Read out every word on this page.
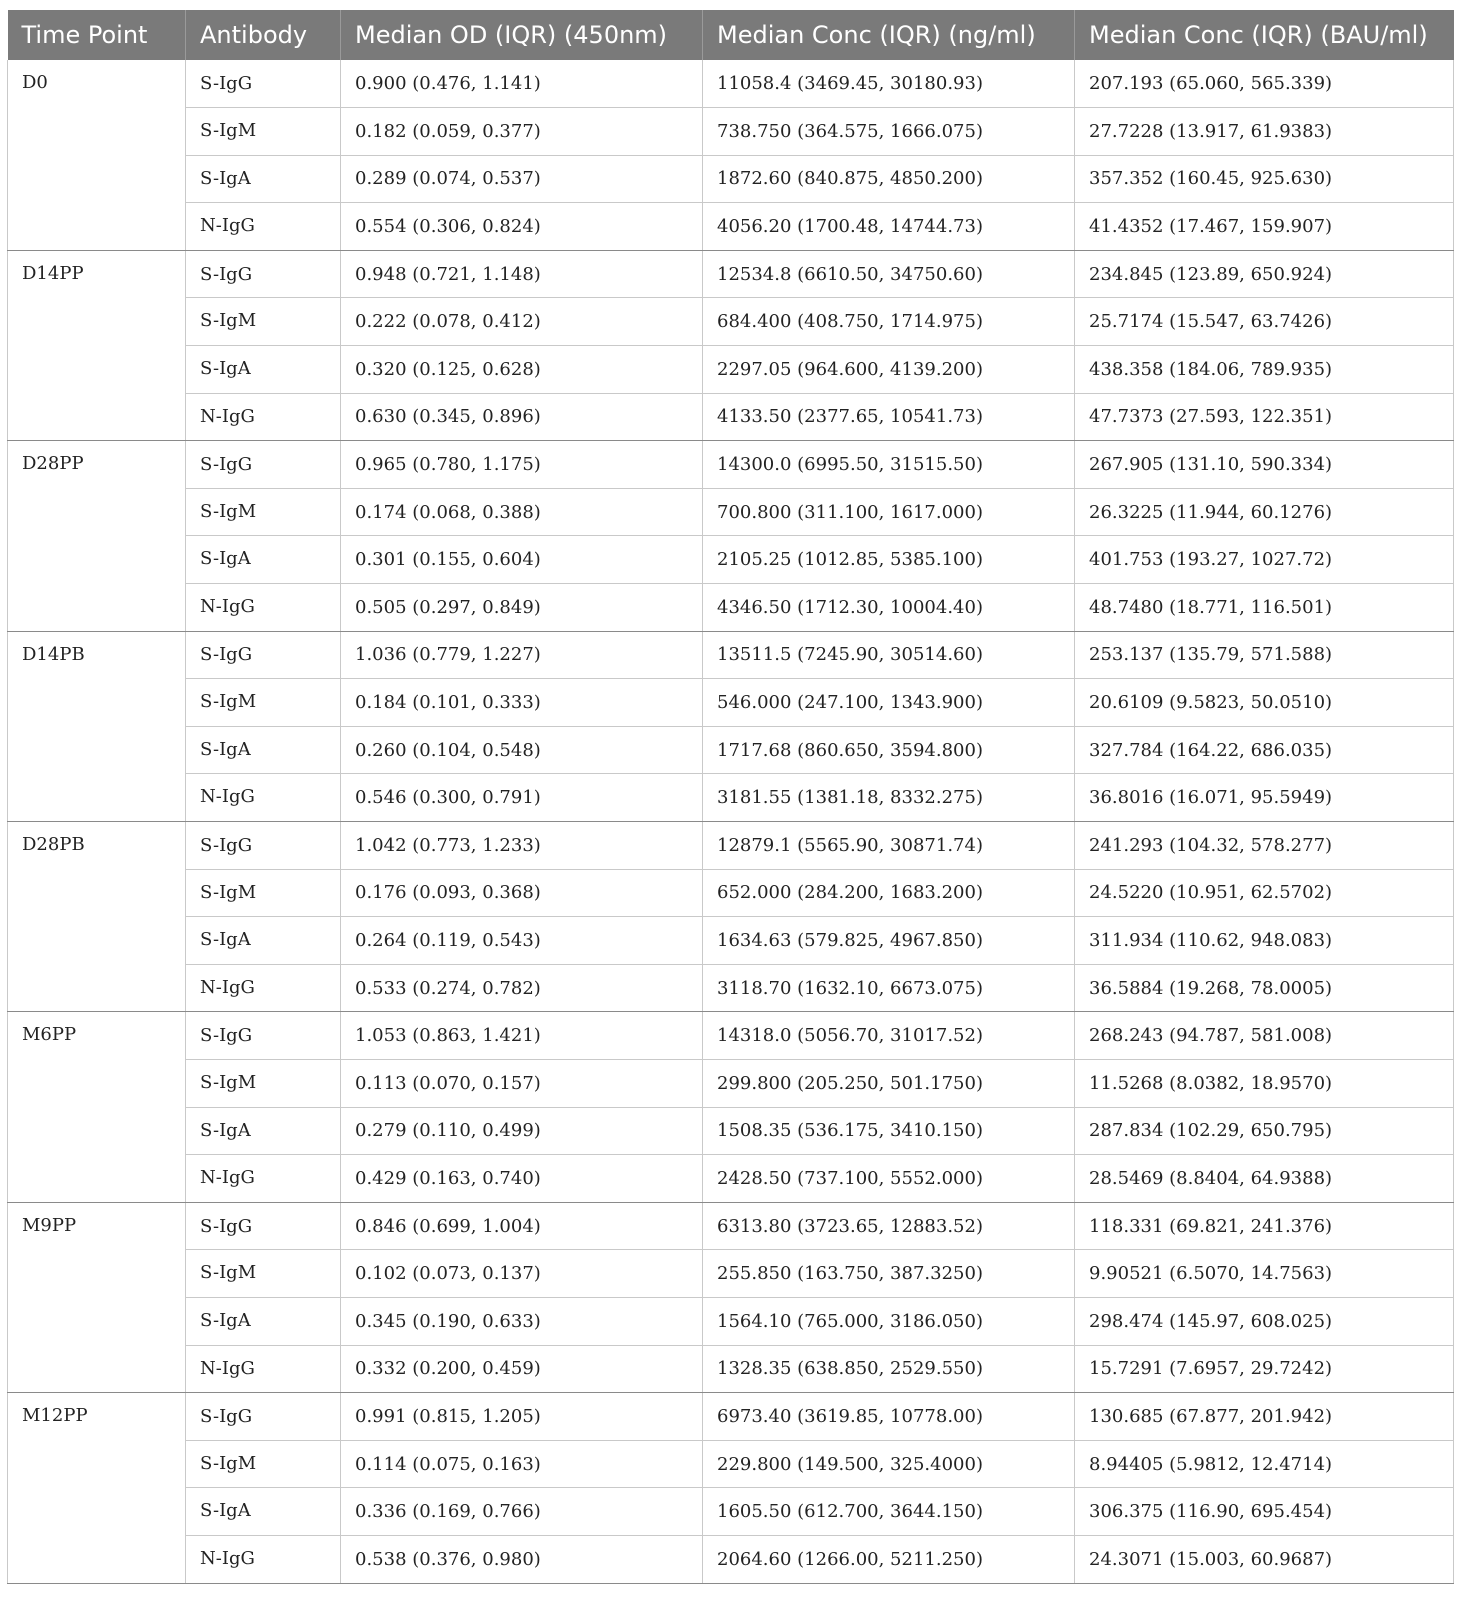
Time Point	Antibody	Median OD (IQR) (450nm)	Median Conc (IQR) (ng/ml)	Median Conc (IQR) (BAU/ml)
D0	S-IgG	0.900 (0.476, 1.141)	11058.4 (3469.45, 30180.93)	207.193 (65.060, 565.339)
	S-IgM	0.182 (0.059, 0.377)	738.750 (364.575, 1666.075)	27.7228 (13.917, 61.9383)
	S-IgA	0.289 (0.074, 0.537)	1872.60 (840.875, 4850.200)	357.352 (160.45, 925.630)
	N-IgG	0.554 (0.306, 0.824)	4056.20 (1700.48, 14744.73)	41.4352 (17.467, 159.907)
D14PP	S-IgG	0.948 (0.721, 1.148)	12534.8 (6610.50, 34750.60)	234.845 (123.89, 650.924)
	S-IgM	0.222 (0.078, 0.412)	684.400 (408.750, 1714.975)	25.7174 (15.547, 63.7426)
	S-IgA	0.320 (0.125, 0.628)	2297.05 (964.600, 4139.200)	438.358 (184.06, 789.935)
	N-IgG	0.630 (0.345, 0.896)	4133.50 (2377.65, 10541.73)	47.7373 (27.593, 122.351)
D28PP	S-IgG	0.965 (0.780, 1.175)	14300.0 (6995.50, 31515.50)	267.905 (131.10, 590.334)
	S-IgM	0.174 (0.068, 0.388)	700.800 (311.100, 1617.000)	26.3225 (11.944, 60.1276)
	S-IgA	0.301 (0.155, 0.604)	2105.25 (1012.85, 5385.100)	401.753 (193.27, 1027.72)
	N-IgG	0.505 (0.297, 0.849)	4346.50 (1712.30, 10004.40)	48.7480 (18.771, 116.501)
D14PB	S-IgG	1.036 (0.779, 1.227)	13511.5 (7245.90, 30514.60)	253.137 (135.79, 571.588)
	S-IgM	0.184 (0.101, 0.333)	546.000 (247.100, 1343.900)	20.6109 (9.5823, 50.0510)
	S-IgA	0.260 (0.104, 0.548)	1717.68 (860.650, 3594.800)	327.784 (164.22, 686.035)
	N-IgG	0.546 (0.300, 0.791)	3181.55 (1381.18, 8332.275)	36.8016 (16.071, 95.5949)
D28PB	S-IgG	1.042 (0.773, 1.233)	12879.1 (5565.90, 30871.74)	241.293 (104.32, 578.277)
	S-IgM	0.176 (0.093, 0.368)	652.000 (284.200, 1683.200)	24.5220 (10.951, 62.5702)
	S-IgA	0.264 (0.119, 0.543)	1634.63 (579.825, 4967.850)	311.934 (110.62, 948.083)
	N-IgG	0.533 (0.274, 0.782)	3118.70 (1632.10, 6673.075)	36.5884 (19.268, 78.0005)
M6PP	S-IgG	1.053 (0.863, 1.421)	14318.0 (5056.70, 31017.52)	268.243 (94.787, 581.008)
	S-IgM	0.113 (0.070, 0.157)	299.800 (205.250, 501.1750)	11.5268 (8.0382, 18.9570)
	S-IgA	0.279 (0.110, 0.499)	1508.35 (536.175, 3410.150)	287.834 (102.29, 650.795)
	N-IgG	0.429 (0.163, 0.740)	2428.50 (737.100, 5552.000)	28.5469 (8.8404, 64.9388)
M9PP	S-IgG	0.846 (0.699, 1.004)	6313.80 (3723.65, 12883.52)	118.331 (69.821, 241.376)
	S-IgM	0.102 (0.073, 0.137)	255.850 (163.750, 387.3250)	9.90521 (6.5070, 14.7563)
	S-IgA	0.345 (0.190, 0.633)	1564.10 (765.000, 3186.050)	298.474 (145.97, 608.025)
	N-IgG	0.332 (0.200, 0.459)	1328.35 (638.850, 2529.550)	15.7291 (7.6957, 29.7242)
M12PP	S-IgG	0.991 (0.815, 1.205)	6973.40 (3619.85, 10778.00)	130.685 (67.877, 201.942)
	S-IgM	0.114 (0.075, 0.163)	229.800 (149.500, 325.4000)	8.94405 (5.9812, 12.4714)
	S-IgA	0.336 (0.169, 0.766)	1605.50 (612.700, 3644.150)	306.375 (116.90, 695.454)
	N-IgG	0.538 (0.376, 0.980)	2064.60 (1266.00, 5211.250)	24.3071 (15.003, 60.9687)
